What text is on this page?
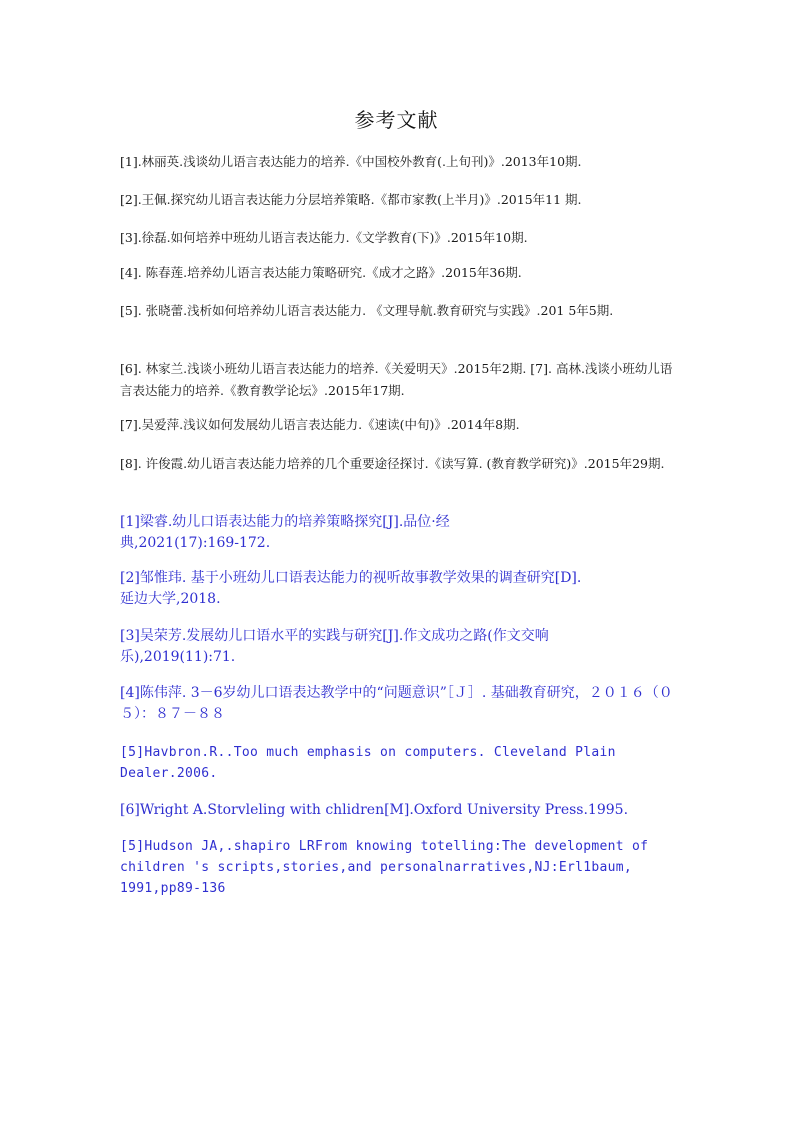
参考文献

[1].林丽英.浅谈幼儿语言表达能力的培养.《中国校外教育(.上旬刊)》.2013年10期.

[2].王佩.探究幼儿语言表达能力分层培养策略.《都市家教(上半月)》.2015年11 期.

[3].徐磊.如何培养中班幼儿语言表达能力.《文学教育(下)》.2015年10期.

[4]. 陈春莲.培养幼儿语言表达能力策略研究.《成才之路》.2015年36期.

[5]. 张晓蕾.浅析如何培养幼儿语言表达能力. 《文理导航.教育研究与实践》.201 5年5期.

[6]. 林家兰.浅谈小班幼儿语言表达能力的培养.《关爱明天》.2015年2期. [7]. 高林.浅谈小班幼儿语言表达能力的培养.《教育教学论坛》.2015年17期.

[7].吴爱萍.浅议如何发展幼儿语言表达能力.《速读(中旬)》.2014年8期.

[8]. 许俊霞.幼儿语言表达能力培养的几个重要途径探讨.《读写算. (教育教学研究)》.2015年29期.

[1]梁睿.幼儿口语表达能力的培养策略探究[J].品位·经
典,2021(17):169-172.

[2]邹惟玮. 基于小班幼儿口语表达能力的视听故事教学效果的调查研究[D].
延边大学,2018.

[3]吴荣芳.发展幼儿口语水平的实践与研究[J].作文成功之路(作文交响
乐),2019(11):71.

[4]陈伟萍. 3－6岁幼儿口语表达教学中的“问题意识”［Ｊ］. 基础教育研究，２０１６（０５）：８７－８８

[5]Havbron.R..Too much emphasis on computers. Cleveland Plain
Dealer.2006.

[6]Wright A.Storvleling with chlidren[M].Oxford University Press.1995.

[5]Hudson JA,.shapiro LRFrom knowing totelling:The development of
children 's scripts,stories,and personalnarratives,NJ:Erl1baum,
1991,pp89-136
